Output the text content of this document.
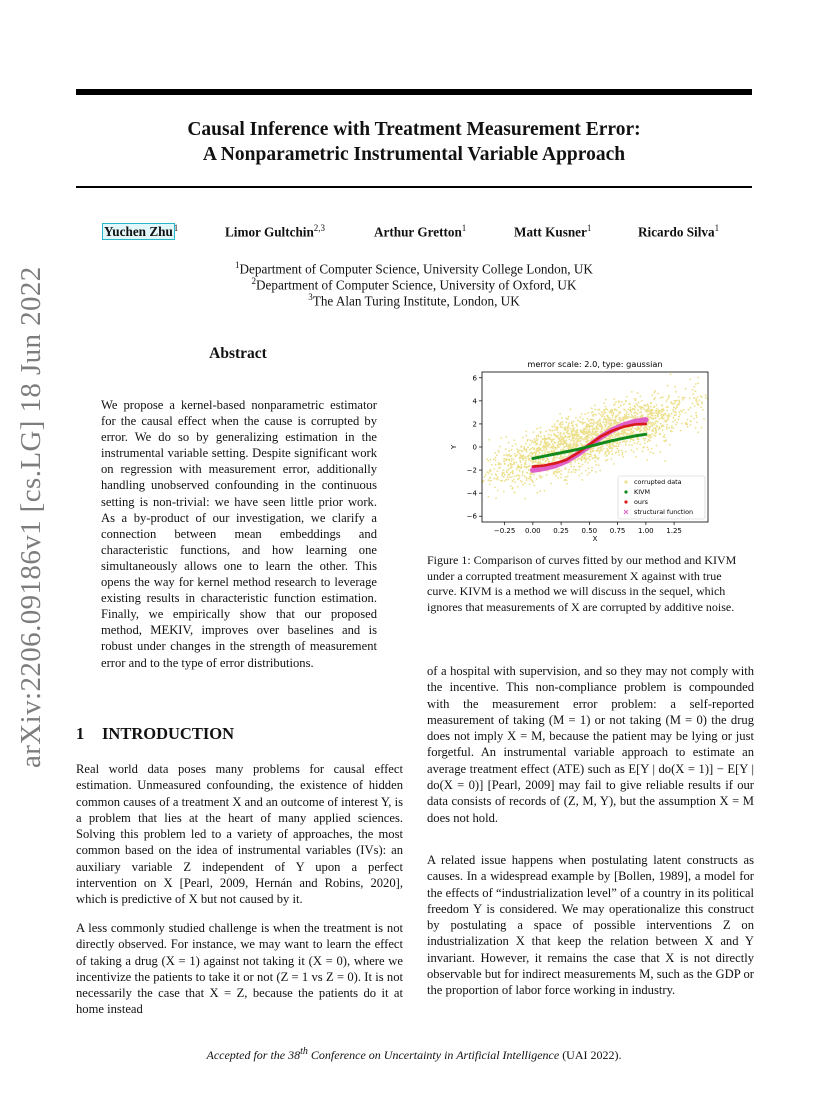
Causal Inference with Treatment Measurement Error:
A Nonparametric Instrumental Variable Approach
arXiv:2206.09186v1 [cs.LG] 18 Jun 2022
Yuchen Zhu$^1$	Limor Gultchin$^{2,3}$	Arthur Gretton$^1$	Matt Kusner$^1$	Ricardo Silva$^1$
$^1$Department of Computer Science, University College London, UK
$^2$Department of Computer Science, University of Oxford, UK
$^3$The Alan Turing Institute, London, UK
Abstract

We propose a kernel-based nonparametric estimator for the causal effect when the cause is corrupted by error. We do so by generalizing estimation in the instrumental variable setting. Despite significant work on regression with measurement error, additionally handling unobserved confounding in the continuous setting is non-trivial: we have seen little prior work. As a by-product of our investigation, we clarify a connection between mean embeddings and characteristic functions, and how learning one simultaneously allows one to learn the other. This opens the way for kernel method research to leverage existing results in characteristic function estimation. Finally, we empirically show that our proposed method, MEKIV, improves over baselines and is robust under changes in the strength of measurement error and to the type of error distributions.

merror scale: 2.0, type: gaussian
−0.25 0.00 0.25 0.50 0.75 1.00 1.25
−6
−4
−2
0
2
4
6
X
Y
corrupted data
KIVM
ours
structural function

Figure 1: Comparison of curves fitted by our method and KIVM under a corrupted treatment measurement X against with true curve. KIVM is a method we will discuss in the sequel, which ignores that measurements of X are corrupted by additive noise.

1 INTRODUCTION

Real world data poses many problems for causal effect estimation. Unmeasured confounding, the existence of hidden common causes of a treatment X and an outcome of interest Y, is a problem that lies at the heart of many applied sciences. Solving this problem led to a variety of approaches, the most common based on the idea of instrumental variables (IVs): an auxiliary variable Z independent of Y upon a perfect intervention on X [Pearl, 2009, Hernán and Robins, 2020], which is predictive of X but not caused by it.

A less commonly studied challenge is when the treatment is not directly observed. For instance, we may want to learn the effect of taking a drug (X = 1) against not taking it (X = 0), where we incentivize the patients to take it or not (Z = 1 vs Z = 0). It is not necessarily the case that X = Z, because the patients do it at home instead

of a hospital with supervision, and so they may not comply with the incentive. This non-compliance problem is compounded with the measurement error problem: a self-reported measurement of taking (M = 1) or not taking (M = 0) the drug does not imply X = M, because the patient may be lying or just forgetful. An instrumental variable approach to estimate an average treatment effect (ATE) such as E[Y | do(X = 1)] − E[Y | do(X = 0)] [Pearl, 2009] may fail to give reliable results if our data consists of records of (Z, M, Y), but the assumption X = M does not hold.

A related issue happens when postulating latent constructs as causes. In a widespread example by [Bollen, 1989], a model for the effects of “industrialization level” of a country in its political freedom Y is considered. We may operationalize this construct by postulating a space of possible interventions Z on industrialization X that keep the relation between X and Y invariant. However, it remains the case that X is not directly observable but for indirect measurements M, such as the GDP or the proportion of labor force working in industry.

Accepted for the 38th Conference on Uncertainty in Artificial Intelligence (UAI 2022).
